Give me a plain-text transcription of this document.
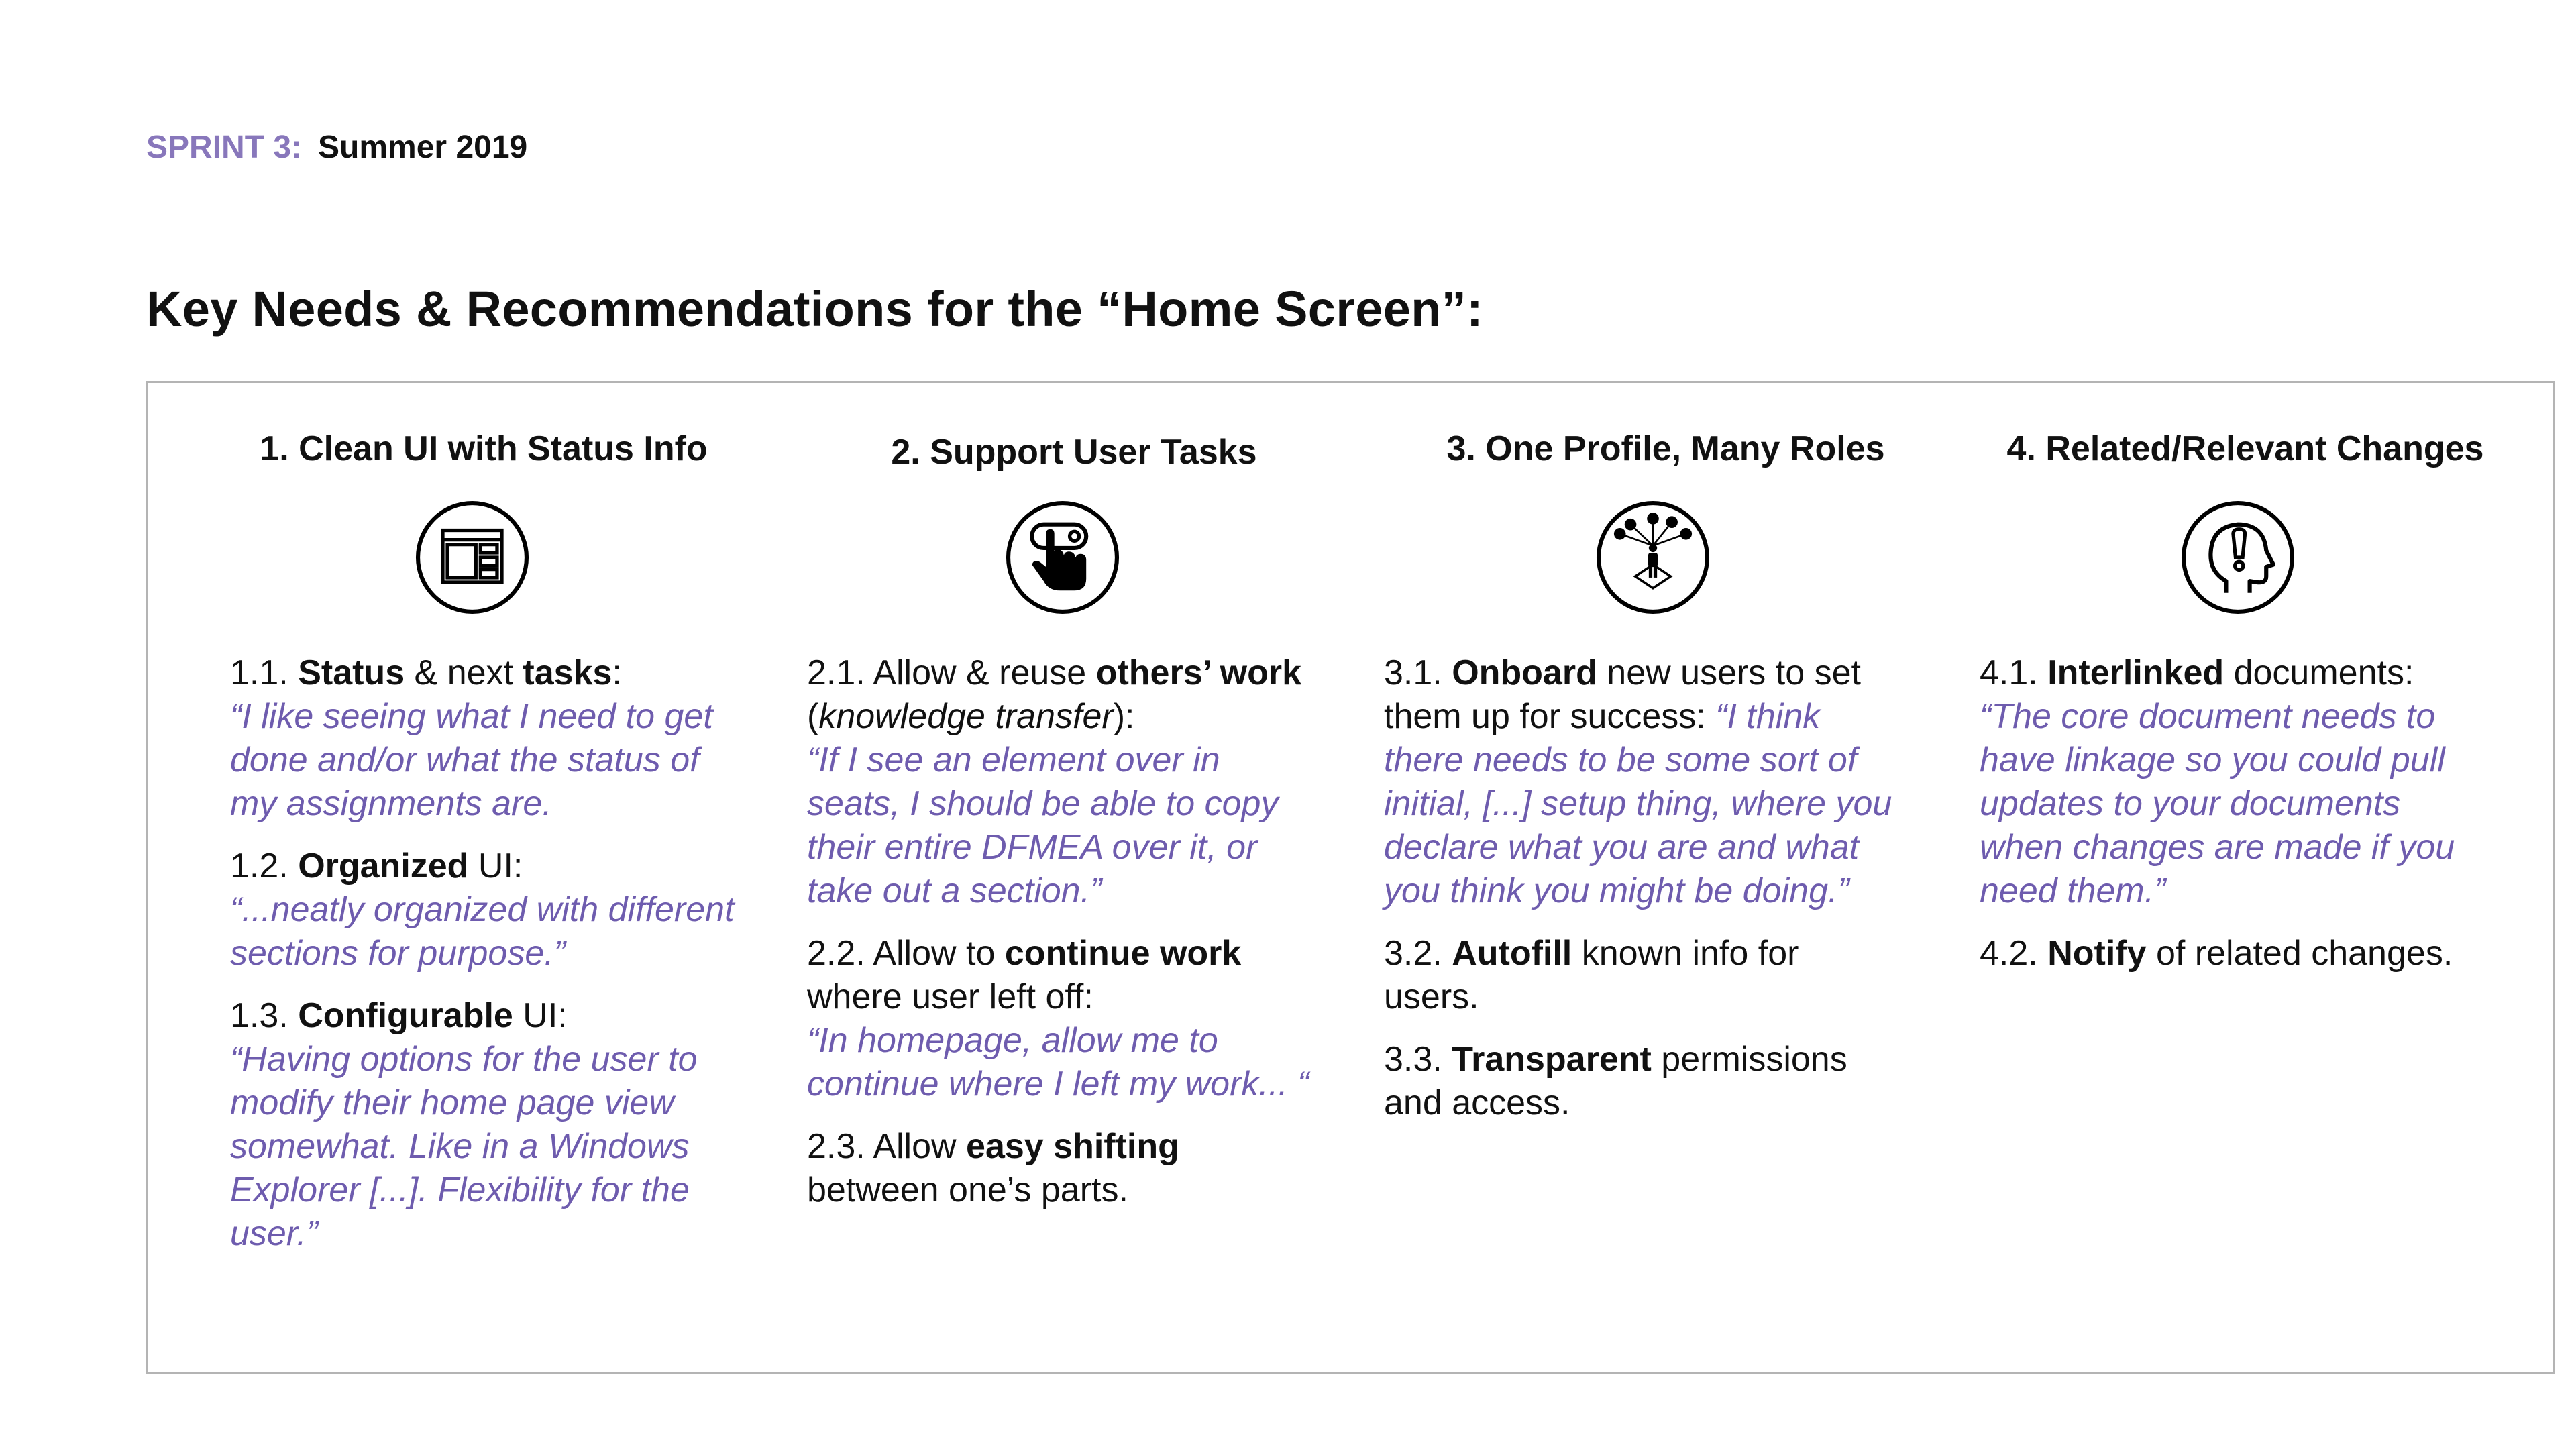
SPRINT 3: Summer 2019
Key Needs & Recommendations for the “Home Screen”:
1. Clean UI with Status Info
1.1. Status & next tasks:
“I like seeing what I need to get done and/or what the status of my assignments are.
1.2. Organized UI:
“...neatly organized with different sections for purpose.”
1.3. Configurable UI:
“Having options for the user to modify their home page view somewhat. Like in a Windows Explorer [...]. Flexibility for the user.”
2. Support User Tasks
2.1. Allow & reuse others’ work (knowledge transfer):
“If I see an element over in seats, I should be able to copy their entire DFMEA over it, or take out a section.”
2.2. Allow to continue work where user left off:
“In homepage, allow me to continue where I left my work... “
2.3. Allow easy shifting between one’s parts.
3. One Profile, Many Roles
3.1. Onboard new users to set them up for success: “I think there needs to be some sort of initial, [...] setup thing, where you declare what you are and what you think you might be doing.”
3.2. Autofill known info for users.
3.3. Transparent permissions and access.
4. Related/Relevant Changes
4.1. Interlinked documents:
“The core document needs to have linkage so you could pull updates to your documents when changes are made if you need them.”
4.2. Notify of related changes.
